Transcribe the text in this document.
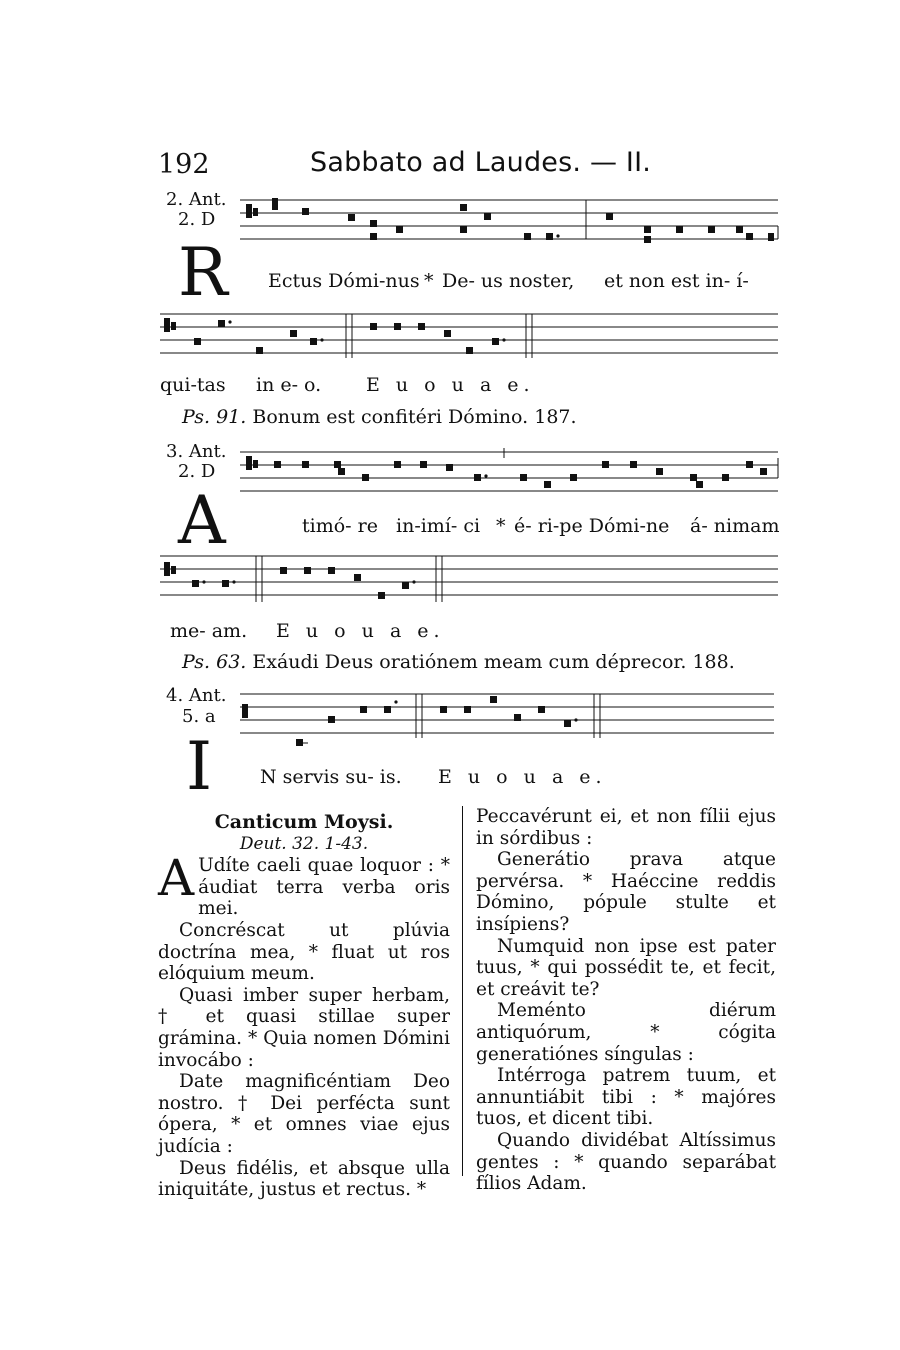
192	Sabbato ad Laudes. — II.
2. Ant.
2. D
R Ectus Dómi-nus * De- us noster, et non est in- í-
qui-tas in e- o. E u o u a e.
Ps. 91. Bonum est confitéri Dómino. 187.
3. Ant.
2. D
A	timó- re in-imí- ci * é- ri-pe Dómi-ne á- nimam
me- am. E u o u a e.
Ps. 63. Exáudi Deus oratiónem meam cum déprecor. 188.
4. Ant.
5. a
I	N servis su- is. E u o u a e.

Canticum Moysi.

Deut. 32. 1-43.

A Udíte caeli quae loquor : * áudiat terra verba oris mei.

Concréscat ut plúvia doctrína mea, * fluat ut ros elóquium meum.

Quasi imber super herbam, † et quasi stillae super grámina. * Quia nomen Dómini invocábo :

Date magnificéntiam Deo nostro. † Dei perfécta sunt ópera, * et omnes viae ejus judícia :

Deus fidélis, et absque ulla iniquitáte, justus et rectus. *

Peccavérunt ei, et non fílii ejus in sórdibus :

Generátio prava atque pervérsa. * Haéccine reddis Dómino, pópule stulte et insípiens?

Numquid non ipse est pater tuus, * qui possédit te, et fecit, et creávit te?

Meménto diérum antiquórum, * cógita generatiónes síngulas :

Intérroga patrem tuum, et annuntiábit tibi : * majóres tuos, et dicent tibi.

Quando dividébat Altíssimus gentes : * quando separábat fílios Adam.
